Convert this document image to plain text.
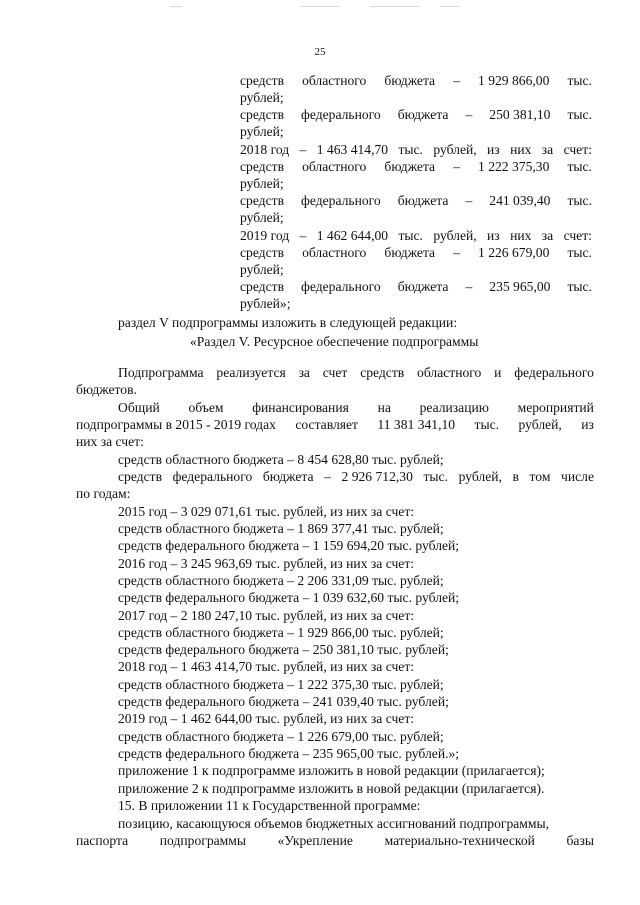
25
средств областного бюджета – 1 929 866,00 тыс.
рублей;
средств федерального бюджета – 250 381,10 тыс.
рублей;
2018 год – 1 463 414,70 тыс. рублей, из них за счет:
средств областного бюджета – 1 222 375,30 тыс.
рублей;
средств федерального бюджета – 241 039,40 тыс.
рублей;
2019 год – 1 462 644,00 тыс. рублей, из них за счет:
средств областного бюджета – 1 226 679,00 тыс.
рублей;
средств федерального бюджета – 235 965,00 тыс.
рублей»;
раздел V подпрограммы изложить в следующей редакции:
«Раздел V. Ресурсное обеспечение подпрограммы
Подпрограмма реализуется за счет средств областного и федерального
бюджетов.
Общий объем финансирования на реализацию мероприятий
подпрограммы в 2015 - 2019 годах составляет 11 381 341,10 тыс. рублей, из
них за счет:
средств областного бюджета – 8 454 628,80 тыс. рублей;
средств федерального бюджета – 2 926 712,30 тыс. рублей, в том числе
по годам:
2015 год – 3 029 071,61 тыс. рублей, из них за счет:
средств областного бюджета – 1 869 377,41 тыс. рублей;
средств федерального бюджета – 1 159 694,20 тыс. рублей;
2016 год – 3 245 963,69 тыс. рублей, из них за счет:
средств областного бюджета – 2 206 331,09 тыс. рублей;
средств федерального бюджета – 1 039 632,60 тыс. рублей;
2017 год – 2 180 247,10 тыс. рублей, из них за счет:
средств областного бюджета – 1 929 866,00 тыс. рублей;
средств федерального бюджета – 250 381,10 тыс. рублей;
2018 год – 1 463 414,70 тыс. рублей, из них за счет:
средств областного бюджета – 1 222 375,30 тыс. рублей;
средств федерального бюджета – 241 039,40 тыс. рублей;
2019 год – 1 462 644,00 тыс. рублей, из них за счет:
средств областного бюджета – 1 226 679,00 тыс. рублей;
средств федерального бюджета – 235 965,00 тыс. рублей.»;
приложение 1 к подпрограмме изложить в новой редакции (прилагается);
приложение 2 к подпрограмме изложить в новой редакции (прилагается).
15. В приложении 11 к Государственной программе:
позицию, касающуюся объемов бюджетных ассигнований подпрограммы,
паспорта подпрограммы «Укрепление материально-технической базы
